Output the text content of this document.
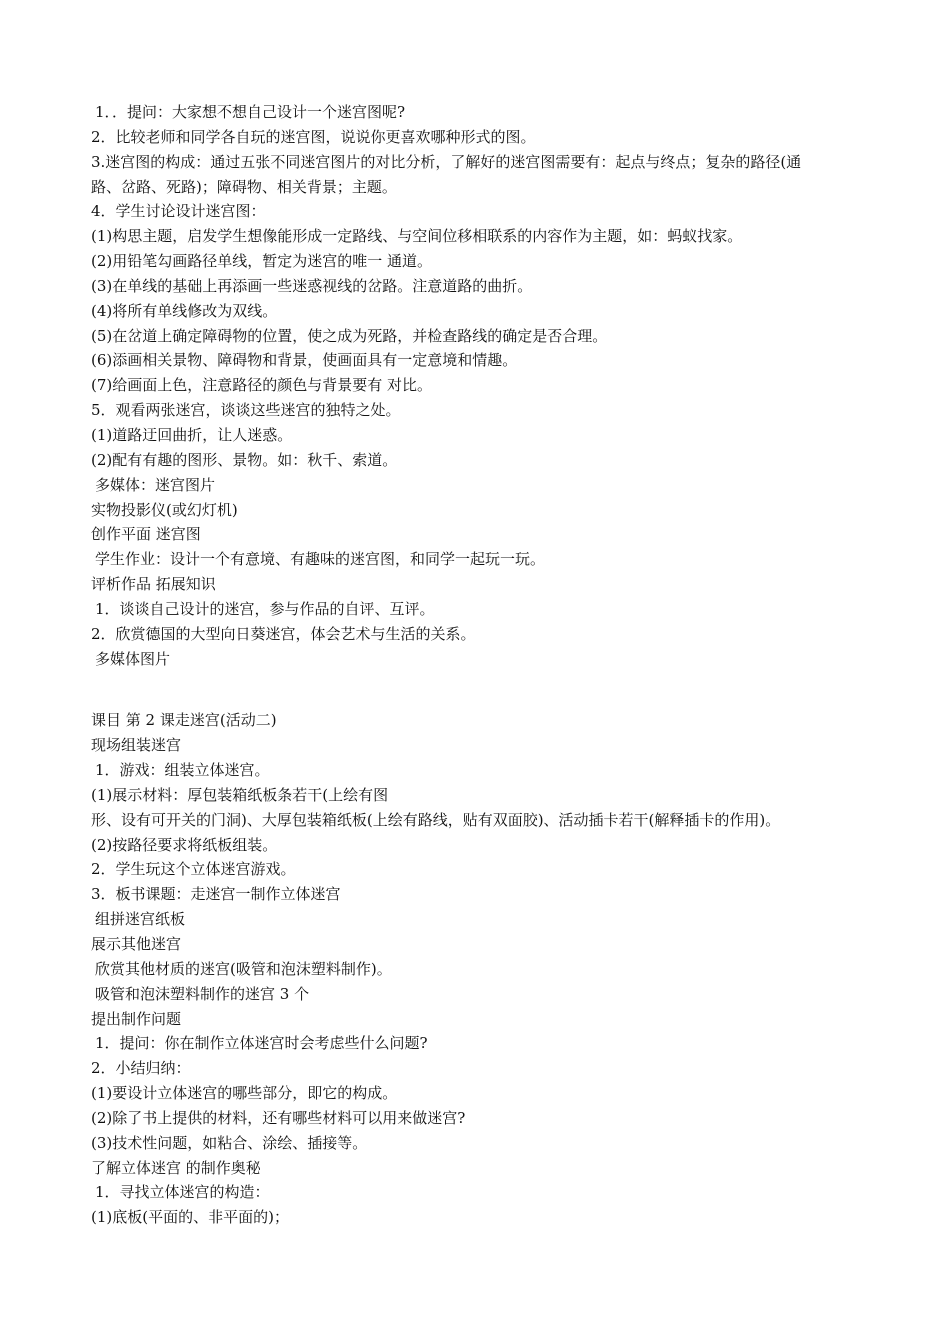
1．．提问：大家想不想自己设计一个迷宫图呢?
2．比较老师和同学各自玩的迷宫图，说说你更喜欢哪种形式的图。
3.迷宫图的构成：通过五张不同迷宫图片的对比分析，了解好的迷宫图需要有：起点与终点；复杂的路径(通
路、岔路、死路)；障碍物、相关背景；主题。
4．学生讨论设计迷宫图：
(1)构思主题，启发学生想像能形成一定路线、与空间位移相联系的内容作为主题，如：蚂蚁找家。
(2)用铅笔勾画路径单线，暂定为迷宫的唯一 通道。
(3)在单线的基础上再添画一些迷惑视线的岔路。注意道路的曲折。
(4)将所有单线修改为双线。
(5)在岔道上确定障碍物的位置，使之成为死路，并检查路线的确定是否合理。
(6)添画相关景物、障碍物和背景，使画面具有一定意境和情趣。
(7)给画面上色，注意路径的颜色与背景要有 对比。
5．观看两张迷宫，谈谈这些迷宫的独特之处。
(1)道路迂回曲折，让人迷惑。
(2)配有有趣的图形、景物。如：秋千、索道。
多媒体：迷宫图片
实物投影仪(或幻灯机)
创作平面 迷宫图
学生作业：设计一个有意境、有趣味的迷宫图，和同学一起玩一玩。
评析作品 拓展知识
1．谈谈自己设计的迷宫，参与作品的自评、互评。
2．欣赏德国的大型向日葵迷宫，体会艺术与生活的关系。
多媒体图片
课目 第 2 课走迷宫(活动二)
现场组装迷宫
1．游戏：组装立体迷宫。
(1)展示材料：厚包装箱纸板条若干(上绘有图
形、设有可开关的门洞)、大厚包装箱纸板(上绘有路线，贴有双面胶)、活动插卡若干(解释插卡的作用)。
(2)按路径要求将纸板组装。
2．学生玩这个立体迷宫游戏。
3．板书课题：走迷宫一制作立体迷宫
组拼迷宫纸板
展示其他迷宫
欣赏其他材质的迷宫(吸管和泡沫塑料制作)。
吸管和泡沫塑料制作的迷宫 3 个
提出制作问题
1．提问：你在制作立体迷宫时会考虑些什么问题?
2．小结归纳：
(1)要设计立体迷宫的哪些部分，即它的构成。
(2)除了书上提供的材料，还有哪些材料可以用来做迷宫?
(3)技术性问题，如粘合、涂绘、插接等。
了解立体迷宫 的制作奥秘
1．寻找立体迷宫的构造：
(1)底板(平面的、非平面的)；
